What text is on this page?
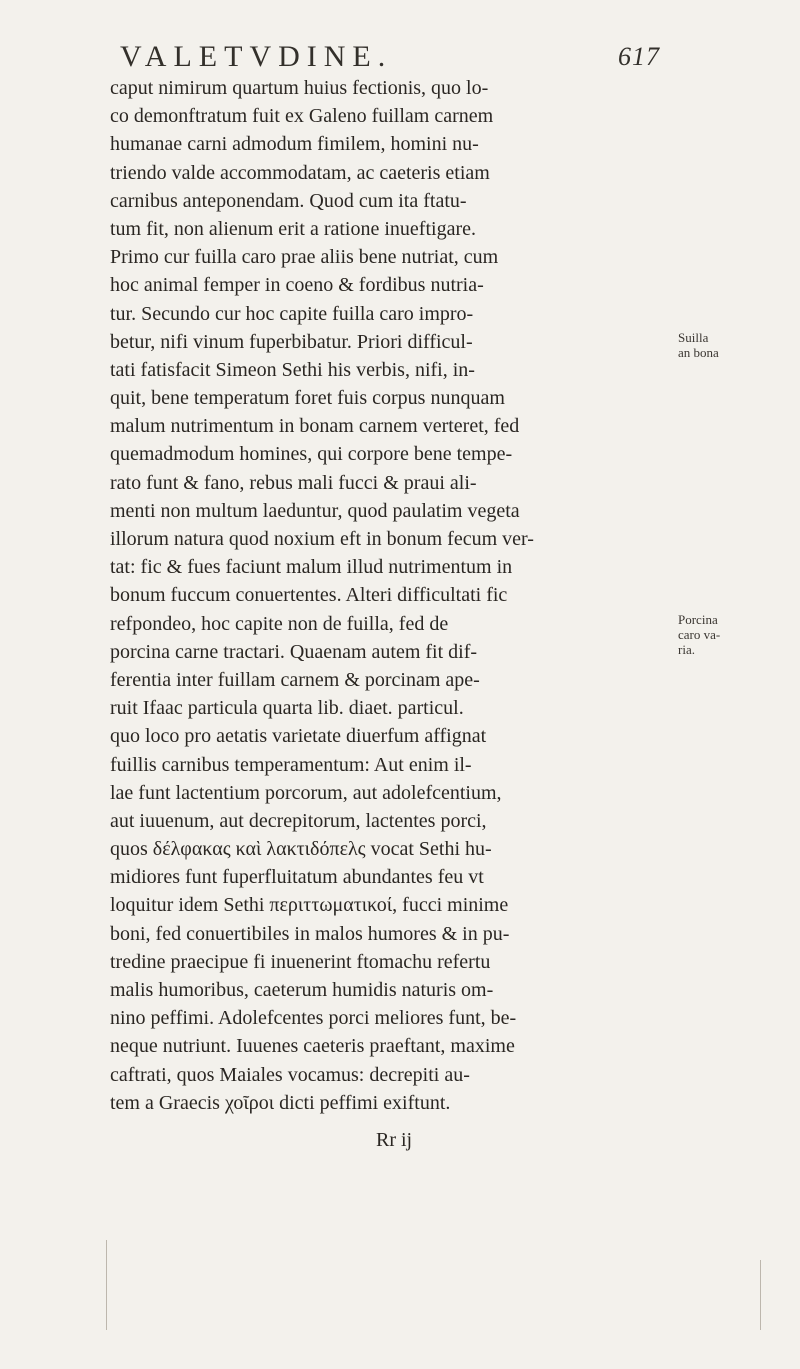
VALETVDINE.	617
caput nimirum quartum huius fectionis, quo lo-
co demonftratum fuit ex Galeno fuillam carnem
humanae carni admodum fimilem, homini nu-
triendo valde accommodatam, ac caeteris etiam
carnibus anteponendam. Quod cum ita ftatu-
tum fit, non alienum erit a ratione inueftigare.
Primo cur fuilla caro prae aliis bene nutriat, cum
hoc animal femper in coeno & fordibus nutria-
tur. Secundo cur hoc capite fuilla caro impro-
betur, nifi vinum fuperbibatur. Priori difficul-
tati fatisfacit Simeon Sethi his verbis, nifi, in-
quit, bene temperatum foret fuis corpus nunquam
malum nutrimentum in bonam carnem verteret, fed
quemadmodum homines, qui corpore bene tempe-
rato funt & fano, rebus mali fucci & praui ali-
menti non multum laeduntur, quod paulatim vegeta
illorum natura quod noxium eft in bonum fecum ver-
tat: fic & fues faciunt malum illud nutrimentum in
bonum fuccum conuertentes. Alteri difficultati fic
refpondeo, hoc capite non de fuilla, fed de
porcina carne tractari. Quaenam autem fit dif-
ferentia inter fuillam carnem & porcinam ape-
ruit Ifaac particula quarta lib. diaet. particul.
quo loco pro aetatis varietate diuerfum affignat
fuillis carnibus temperamentum: Aut enim il-
lae funt lactentium porcorum, aut adolefcentium,
aut iuuenum, aut decrepitorum, lactentes porci,
quos δέλφακας καὶ λακτιδόπελς vocat Sethi hu-
midiores funt fuperfluitatum abundantes feu vt
loquitur idem Sethi περιττωματικοί, fucci minime
boni, fed conuertibiles in malos humores & in pu-
tredine praecipue fi inuenerint ftomachu refertu
malis humoribus, caeterum humidis naturis om-
nino peffimi. Adolefcentes porci meliores funt, be-
neque nutriunt. Iuuenes caeteris praeftant, maxime
caftrati, quos Maiales vocamus: decrepiti au-
tem a Graecis χοῖροι dicti peffimi exiftunt.
Suilla
an bona
Porcina
caro va-
ria.
Rr ij
